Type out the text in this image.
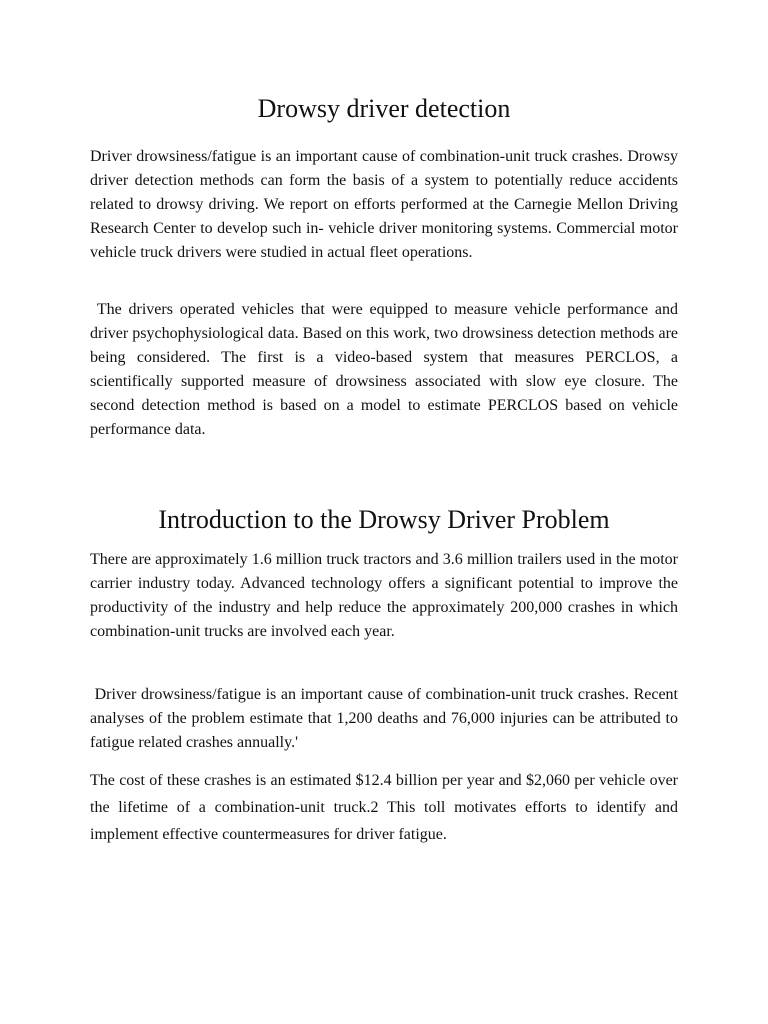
Drowsy driver detection

Driver drowsiness/fatigue is an important cause of combination-unit truck crashes. Drowsy driver detection methods can form the basis of a system to potentially reduce accidents related to drowsy driving. We report on efforts performed at the Carnegie Mellon Driving Research Center to develop such in- vehicle driver monitoring systems. Commercial motor vehicle truck drivers were studied in actual fleet operations.

The drivers operated vehicles that were equipped to measure vehicle performance and driver psychophysiological data. Based on this work, two drowsiness detection methods are being considered. The first is a video-based system that measures PERCLOS, a scientifically supported measure of drowsiness associated with slow eye closure. The second detection method is based on a model to estimate PERCLOS based on vehicle performance data.

Introduction to the Drowsy Driver Problem

There are approximately 1.6 million truck tractors and 3.6 million trailers used in the motor carrier industry today. Advanced technology offers a significant potential to improve the productivity of the industry and help reduce the approximately 200,000 crashes in which combination-unit trucks are involved each year.

Driver drowsiness/fatigue is an important cause of combination-unit truck crashes. Recent analyses of the problem estimate that 1,200 deaths and 76,000 injuries can be attributed to fatigue related crashes annually.'

The cost of these crashes is an estimated $12.4 billion per year and $2,060 per vehicle over the lifetime of a combination-unit truck.2 This toll motivates efforts to identify and implement effective countermeasures for driver fatigue.
